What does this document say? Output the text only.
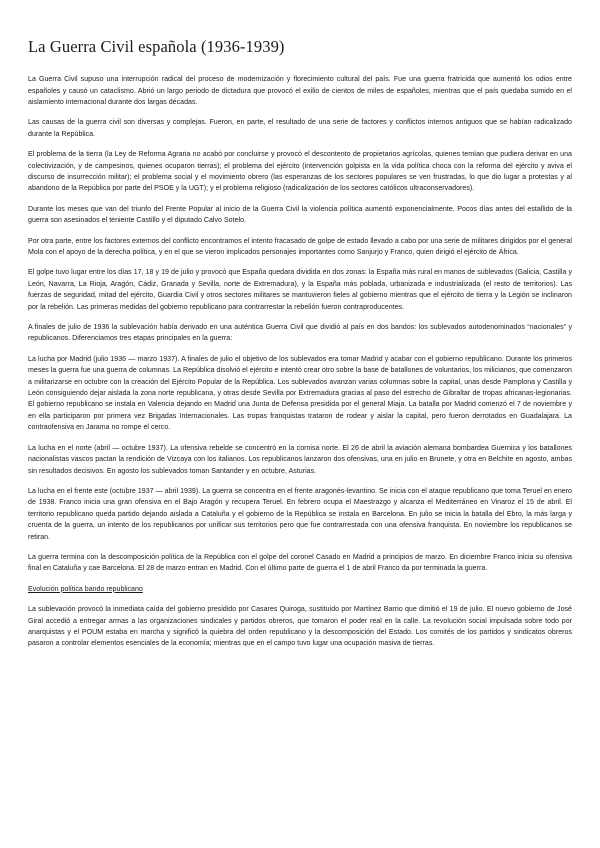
La Guerra Civil española (1936-1939)

La Guerra Civil supuso una interrupción radical del proceso de modernización y florecimiento cultural del país. Fue una guerra fratricida que aumentó los odios entre españoles y causó un cataclismo. Abrió un largo periodo de dictadura que provocó el exilio de cientos de miles de españoles, mientras que el país quedaba sumido en el aislamiento internacional durante dos largas décadas.

Las causas de la guerra civil son diversas y complejas. Fueron, en parte, el resultado de una serie de factores y conflictos internos antiguos que se habían radicalizado durante la República.

El problema de la tierra (la Ley de Reforma Agraria no acabó por concluirse y provocó el descontento de propietarios agrícolas, quienes temían que pudiera derivar en una colectivización, y de campesinos, quienes ocuparon tierras); el problema del ejército (intervención golpista en la vida política choca con la reforma del ejército y aviva el discurso de insurrección militar); el problema social y el movimiento obrero (las esperanzas de los sectores populares se ven frustradas, lo que dio lugar a protestas y al abandono de la República por parte del PSOE y la UGT); y el problema religioso (radicalización de los sectores católicos ultraconservadores).

Durante los meses que van del triunfo del Frente Popular al inicio de la Guerra Civil la violencia política aumentó exponencialmente. Pocos días antes del estallido de la guerra son asesinados el teniente Castillo y el diputado Calvo Sotelo.

Por otra parte, entre los factores externos del conflicto encontramos el intento fracasado de golpe de estado llevado a cabo por una serie de militares dirigidos por el general Mola con el apoyo de la derecha política, y en el que se vieron implicados personajes importantes como Sanjurjo y Franco, quien dirigió el ejército de África.

El golpe tuvo lugar entre los días 17, 18 y 19 de julio y provocó que España quedara dividida en dos zonas: la España más rural en manos de sublevados (Galicia, Castilla y León, Navarra, La Rioja, Aragón, Cádiz, Granada y Sevilla, norte de Extremadura), y la España más poblada, urbanizada e industrializada (el resto de territorios). Las fuerzas de seguridad, mitad del ejército, Guardia Civil y otros sectores militares se mantuvieron fieles al gobierno mientras que el ejército de tierra y la Legión se inclinaron por la rebelión. Las primeras medidas del gobierno republicano para contrarrestar la rebelión fueron contraproducentes.

A finales de julio de 1936 la sublevación había derivado en una auténtica Guerra Civil que dividió al país en dos bandos: los sublevados autodenominados “nacionales” y republicanos. Diferenciamos tres etapas principales en la guerra:

La lucha por Madrid (julio 1936 — marzo 1937). A finales de julio el objetivo de los sublevados era tomar Madrid y acabar con el gobierno republicano. Durante los primeros meses la guerra fue una guerra de columnas. La República disolvió el ejército e intentó crear otro sobre la base de batallones de voluntarios, los milicianos, que comenzaron a militarizarse en octubre con la creación del Ejército Popular de la República. Los sublevados avanzan varias columnas sobre la capital, unas desde Pamplona y Castilla y León consiguiendo dejar aislada la zona norte republicana, y otras desde Sevilla por Extremadura gracias al paso del estrecho de Gibraltar de tropas africanas-legionarias. El gobierno republicano se instala en Valencia dejando en Madrid una Junta de Defensa presidida por el general Miaja. La batalla por Madrid comenzó el 7 de noviembre y en ella participaron por primera vez Brigadas Internacionales. Las tropas franquistas trataron de rodear y aislar la capital, pero fueron derrotados en Guadalajara. La contraofensiva en Jarama no rompe el cerco.

La lucha en el norte (abril — octubre 1937). La ofensiva rebelde se concentró en la cornisa norte. El 26 de abril la aviación alemana bombardea Guernica y los batallones nacionalistas vascos pactan la rendición de Vizcaya con los italianos. Los republicanos lanzaron dos ofensivas, una en julio en Brunete, y otra en Belchite en agosto, ambas sin resultados decisivos. En agosto los sublevados toman Santander y en octubre, Asturias.

La lucha en el frente este (octubre 1937 — abril 1939). La guerra se concentra en el frente aragonés-levantino. Se inicia con el ataque republicano que toma Teruel en enero de 1938. Franco inicia una gran ofensiva en el Bajo Aragón y recupera Teruel. En febrero ocupa el Maestrazgo y alcanza el Mediterráneo en Vinaroz el 15 de abril. El territorio republicano queda partido dejando aislada a Cataluña y el gobierno de la República se instala en Barcelona. En julio se inicia la batalla del Ebro, la más larga y cruenta de la guerra, un intento de los republicanos por unificar sus territorios pero que fue contrarrestada con una ofensiva franquista. En noviembre los republicanos se retiran.

La guerra termina con la descomposición política de la República con el golpe del coronel Casado en Madrid a principios de marzo. En diciembre Franco inicia su ofensiva final en Cataluña y cae Barcelona. El 28 de marzo entran en Madrid. Con el último parte de guerra el 1 de abril Franco da por terminada la guerra.

Evolución política bando republicano

La sublevación provocó la inmediata caída del gobierno presidido por Casares Quiroga, sustituido por Martínez Barrio que dimitió el 19 de julio. El nuevo gobierno de José Giral accedió a entregar armas a las organizaciones sindicales y partidos obreros, que tomaron el poder real en la calle. La revolución social impulsada sobre todo por anarquistas y el POUM estaba en marcha y significó la quiebra del orden republicano y la descomposición del Estado. Los comités de los partidos y sindicatos obreros pasaron a controlar elementos esenciales de la economía; mientras que en el campo tuvo lugar una ocupación masiva de tierras.
